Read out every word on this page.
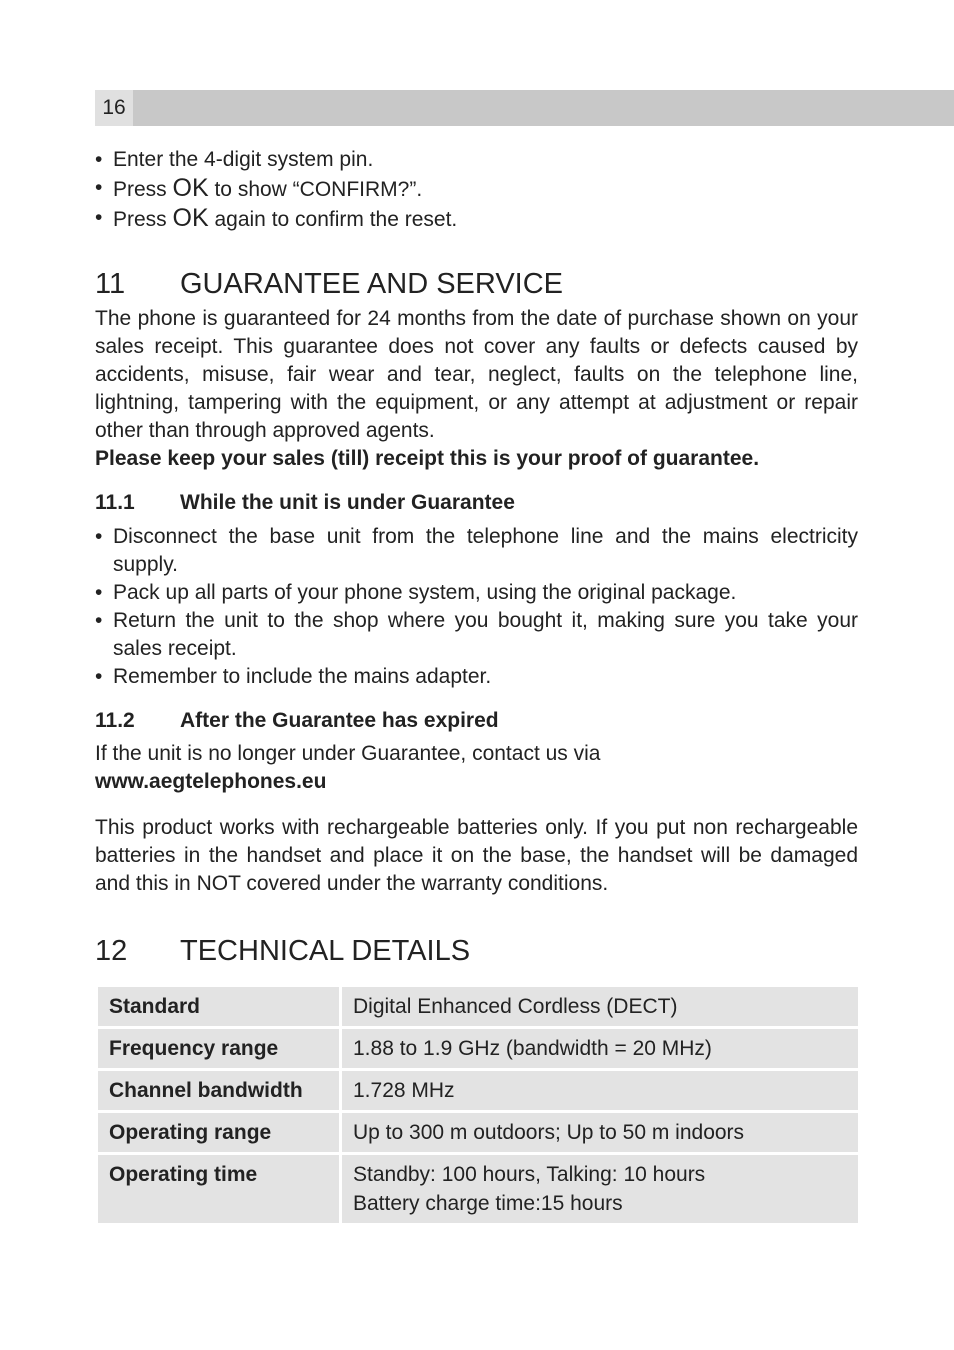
16
• Enter the 4-digit system pin.
• Press OK to show “CONFIRM?”.
• Press OK again to confirm the reset.
11	GUARANTEE AND SERVICE

The phone is guaranteed for 24 months from the date of purchase shown on your sales receipt. This guarantee does not cover any faults or defects caused by accidents, misuse, fair wear and tear, neglect, faults on the telephone line, lightning, tampering with the equipment, or any attempt at adjustment or repair other than through approved agents.

Please keep your sales (till) receipt this is your proof of guarantee.

11.1	While the unit is under Guarantee
• Disconnect the base unit from the telephone line and the mains electricity supply.
• Pack up all parts of your phone system, using the original package.
• Return the unit to the shop where you bought it, making sure you take your sales receipt.
• Remember to include the mains adapter.
11.2	After the Guarantee has expired

If the unit is no longer under Guarantee, contact us via

www.aegtelephones.eu

This product works with rechargeable batteries only. If you put non rechargeable batteries in the handset and place it on the base, the handset will be damaged and this in NOT covered under the warranty conditions.

12	TECHNICAL DETAILS
Standard	Digital Enhanced Cordless (DECT)

Frequency range	1.88 to 1.9 GHz (bandwidth = 20 MHz)

Channel bandwidth	1.728 MHz

Operating range	Up to 300 m outdoors; Up to 50 m indoors

Operating time	Standby: 100 hours, Talking: 10 hours
Battery charge time:15 hours
